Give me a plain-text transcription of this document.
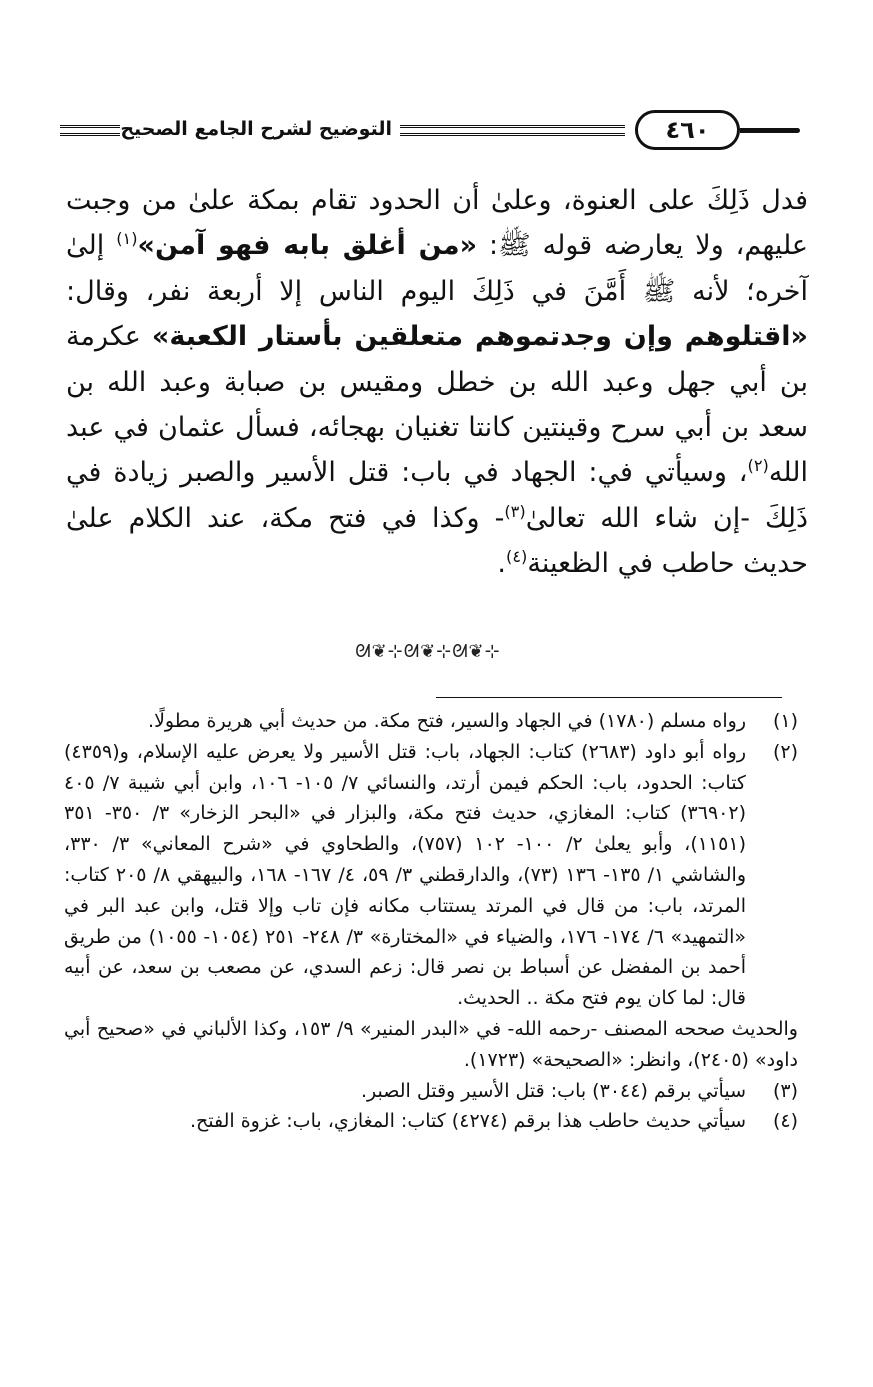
التوضيح لشرح الجامع الصحيح	٤٦٠

فدل ذَلِكَ على العنوة، وعلىٰ أن الحدود تقام بمكة علىٰ من وجبت عليهم، ولا يعارضه قوله ﷺ: «من أغلق بابه فهو آمن»$^{(١)}$ إلىٰ آخره؛ لأنه ﷺ أَمَّنَ في ذَلِكَ اليوم الناس إلا أربعة نفر، وقال: «اقتلوهم وإن وجدتموهم متعلقين بأستار الكعبة» عكرمة بن أبي جهل وعبد الله بن خطل ومقيس بن صبابة وعبد الله بن سعد بن أبي سرح وقينتين كانتا تغنيان بهجائه، فسأل عثمان في عبد الله$^{(٢)}$، وسيأتي في: الجهاد في باب: قتل الأسير والصبر زيادة في ذَلِكَ -إن شاء الله تعالىٰ$^{(٣)}$- وكذا في فتح مكة، عند الكلام علىٰ حديث حاطب في الظعينة$^{(٤)}$.

ᘛ❦⊹ᘛ❦⊹ᘛ❦⊹

(١)
رواه مسلم (١٧٨٠) في الجهاد والسير، فتح مكة. من حديث أبي هريرة مطولًا.

(٢)
رواه أبو داود (٢٦٨٣) كتاب: الجهاد، باب: قتل الأسير ولا يعرض عليه الإسلام، و(٤٣٥٩) كتاب: الحدود، باب: الحكم فيمن أرتد، والنسائي ٧/ ١٠٥- ١٠٦، وابن أبي شيبة ٧/ ٤٠٥ (٣٦٩٠٢) كتاب: المغازي، حديث فتح مكة، والبزار في «البحر الزخار» ٣/ ٣٥٠- ٣٥١ (١١٥١)، وأبو يعلىٰ ٢/ ١٠٠- ١٠٢ (٧٥٧)، والطحاوي في «شرح المعاني» ٣/ ٣٣٠، والشاشي ١/ ١٣٥- ١٣٦ (٧٣)، والدارقطني ٣/ ٥٩، ٤/ ١٦٧- ١٦٨، والبيهقي ٨/ ٢٠٥ كتاب: المرتد، باب: من قال في المرتد يستتاب مكانه فإن تاب وإلا قتل، وابن عبد البر في «التمهيد» ٦/ ١٧٤- ١٧٦، والضياء في «المختارة» ٣/ ٢٤٨- ٢٥١ (١٠٥٤- ١٠٥٥) من طريق أحمد بن المفضل عن أسباط بن نصر قال: زعم السدي، عن مصعب بن سعد، عن أبيه قال: لما كان يوم فتح مكة .. الحديث.

والحديث صححه المصنف -رحمه الله- في «البدر المنير» ٩/ ١٥٣، وكذا الألباني في «صحيح أبي داود» (٢٤٠٥)، وانظر: «الصحيحة» (١٧٢٣).

(٣)
سيأتي برقم (٣٠٤٤) باب: قتل الأسير وقتل الصبر.

(٤)
سيأتي حديث حاطب هذا برقم (٤٢٧٤) كتاب: المغازي، باب: غزوة الفتح.
